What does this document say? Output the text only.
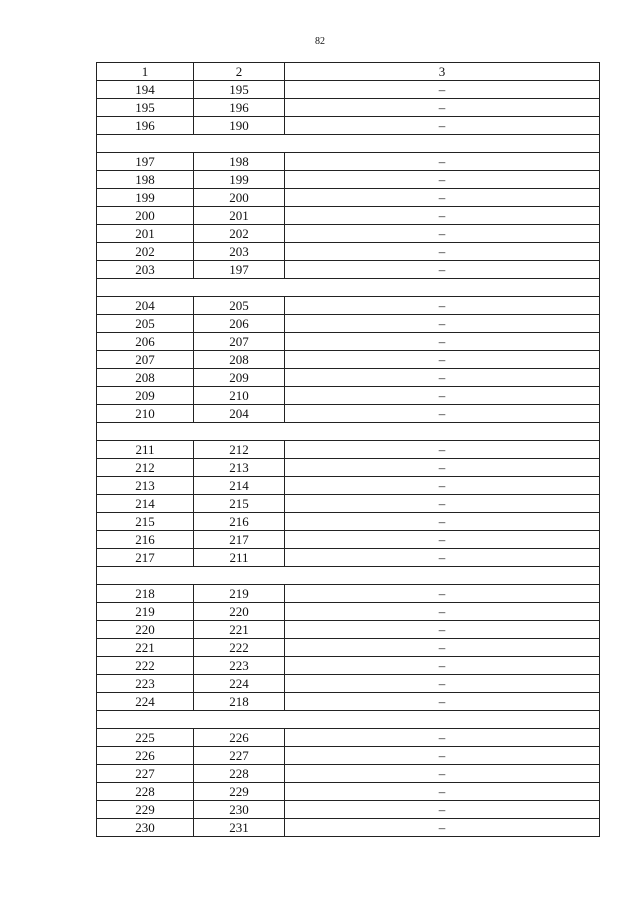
82
1	2	3
194	195	–
195	196	–
196	190	–

197	198	–
198	199	–
199	200	–
200	201	–
201	202	–
202	203	–
203	197	–

204	205	–
205	206	–
206	207	–
207	208	–
208	209	–
209	210	–
210	204	–

211	212	–
212	213	–
213	214	–
214	215	–
215	216	–
216	217	–
217	211	–

218	219	–
219	220	–
220	221	–
221	222	–
222	223	–
223	224	–
224	218	–

225	226	–
226	227	–
227	228	–
228	229	–
229	230	–
230	231	–
